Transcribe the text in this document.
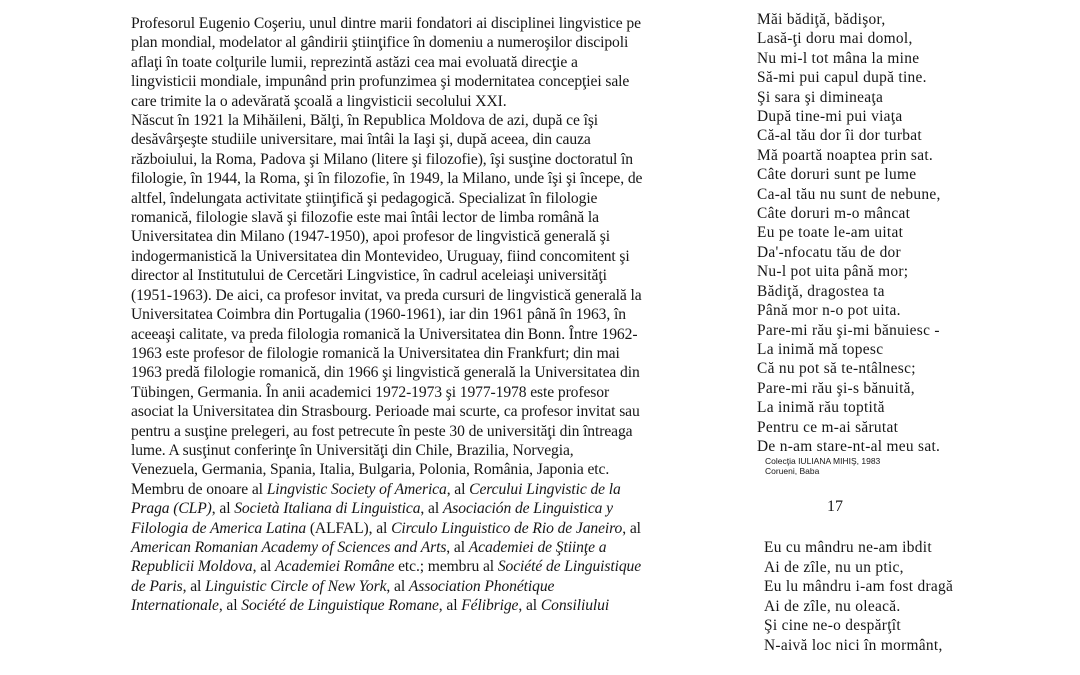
Profesorul Eugenio Coşeriu, unul dintre marii fondatori ai disciplinei lingvistice pe
plan mondial, modelator al gândirii ştiinţifice în domeniu a numeroşilor discipoli
aflaţi în toate colţurile lumii, reprezintă astăzi cea mai evoluată direcţie a
lingvisticii mondiale, impunând prin profunzimea şi modernitatea concepţiei sale
care trimite la o adevărată şcoală a lingvisticii secolului XXI.
Născut în 1921 la Mihăileni, Bălţi, în Republica Moldova de azi, după ce îşi
desăvârşeşte studiile universitare, mai întâi la Iaşi şi, după aceea, din cauza
războiului, la Roma, Padova şi Milano (litere şi filozofie), îşi susţine doctoratul în
filologie, în 1944, la Roma, şi în filozofie, în 1949, la Milano, unde îşi şi începe, de
altfel, îndelungata activitate ştiinţifică şi pedagogică. Specializat în filologie
romanică, filologie slavă şi filozofie este mai întâi lector de limba română la
Universitatea din Milano (1947-1950), apoi profesor de lingvistică generală şi
indogermanistică la Universitatea din Montevideo, Uruguay, fiind concomitent şi
director al Institutului de Cercetări Lingvistice, în cadrul aceleiaşi universităţi
(1951-1963). De aici, ca profesor invitat, va preda cursuri de lingvistică generală la
Universitatea Coimbra din Portugalia (1960-1961), iar din 1961 până în 1963, în
aceeaşi calitate, va preda filologia romanică la Universitatea din Bonn. Între 1962-
1963 este profesor de filologie romanică la Universitatea din Frankfurt; din mai
1963 predă filologie romanică, din 1966 şi lingvistică generală la Universitatea din
Tübingen, Germania. În anii academici 1972-1973 şi 1977-1978 este profesor
asociat la Universitatea din Strasbourg. Perioade mai scurte, ca profesor invitat sau
pentru a susţine prelegeri, au fost petrecute în peste 30 de universităţi din întreaga
lume. A susţinut conferinţe în Universităţi din Chile, Brazilia, Norvegia,
Venezuela, Germania, Spania, Italia, Bulgaria, Polonia, România, Japonia etc.
Membru de onoare al Lingvistic Society of America, al Cercului Lingvistic de la
Praga (CLP), al Società Italiana di Linguistica, al Asociación de Linguistica y
Filologia de America Latina (ALFAL), al Circulo Linguistico de Rio de Janeiro, al
American Romanian Academy of Sciences and Arts, al Academiei de Ştiinţe a
Republicii Moldova, al Academiei Române etc.; membru al Société de Linguistique
de Paris, al Linguistic Circle of New York, al Association Phonétique
Internationale, al Société de Linguistique Romane, al Félibrige, al Consiliului
Măi bădiţă, bădişor,
Lasă-ţi doru mai domol,
Nu mi-l tot mâna la mine
Să-mi pui capul după tine.
Şi sara şi dimineaţa
După tine-mi pui viaţa
Că-al tău dor îi dor turbat
Mă poartă noaptea prin sat.
Câte doruri sunt pe lume
Ca-al tău nu sunt de nebune,
Câte doruri m-o mâncat
Eu pe toate le-am uitat
Da'-nfocatu tău de dor
Nu-l pot uita până mor;
Bădiţă, dragostea ta
Până mor n-o pot uita.
Pare-mi rău şi-mi bănuiesc -
La inimă mă topesc
Că nu pot să te-ntâlnesc;
Pare-mi rău şi-s bănuită,
La inimă rău toptită
Pentru ce m-ai sărutat
De n-am stare-nt-al meu sat.
Colecţia IULIANA MIHIŞ, 1983
Corueni, Baba
17
Eu cu mândru ne-am ibdit
Ai de zîle, nu un ptic,
Eu lu mândru i-am fost dragă
Ai de zîle, nu oleacă.
Şi cine ne-o despărţît
N-aivă loc nici în mormânt,
